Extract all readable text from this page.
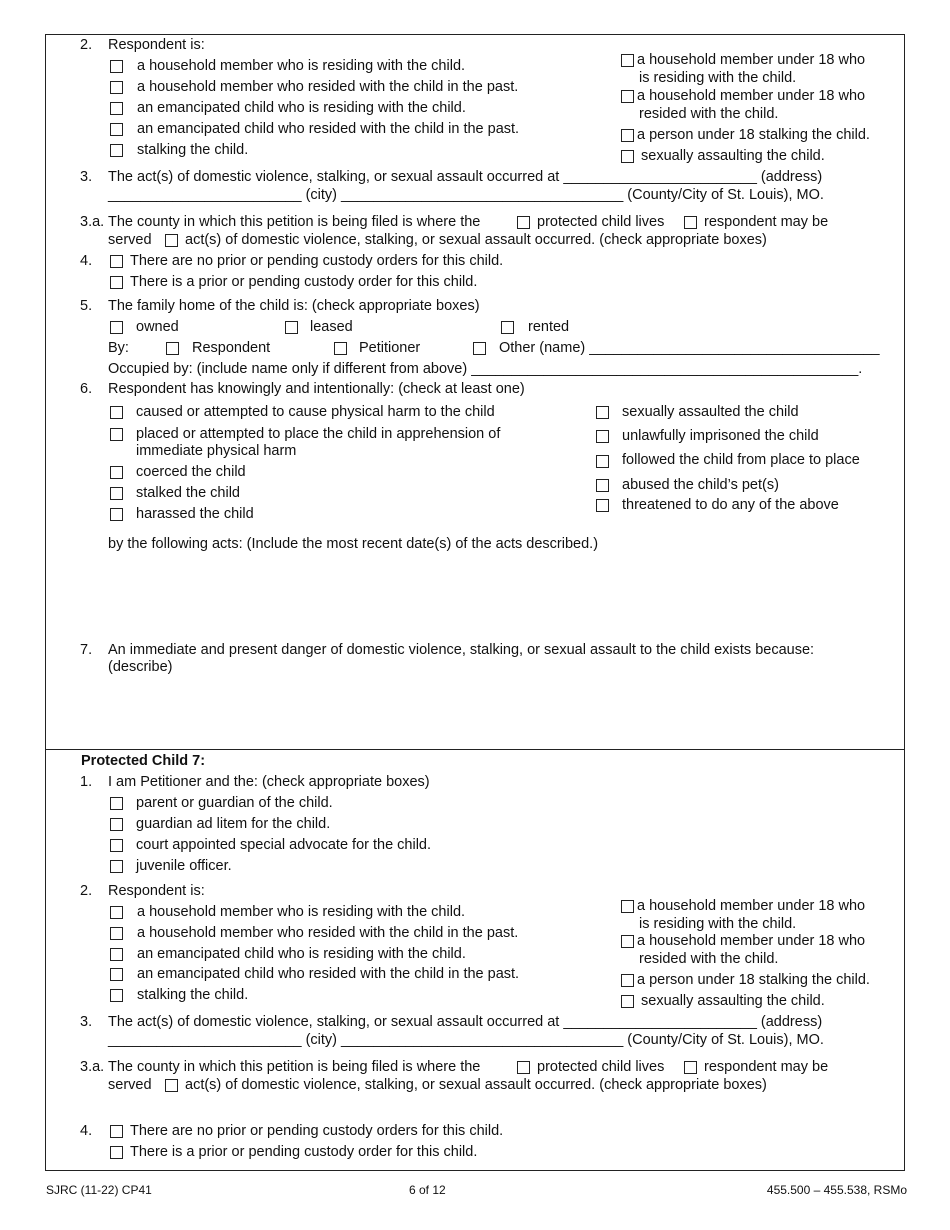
2. Respondent is:
a household member who is residing with the child.
a household member who resided with the child in the past.
an emancipated child who is residing with the child.
an emancipated child who resided with the child in the past.
stalking the child.
a household member under 18 who
is residing with the child.
a household member under 18 who
resided with the child.
a person under 18 stalking the child.
sexually assaulting the child.
3. The act(s) of domestic violence, stalking, or sexual assault occurred at ________________________ (address)
________________________ (city) ___________________________________ (County/City of St. Louis), MO.
3.a. The county in which this petition is being filed is where the	protected child lives	respondent may be
served act(s) of domestic violence, stalking, or sexual assault occurred. (check appropriate boxes)
4.	There are no prior or pending custody orders for this child.
There is a prior or pending custody order for this child.
5. The family home of the child is: (check appropriate boxes)
owned	leased	rented
By:	Respondent	Petitioner	Other (name) ____________________________________
Occupied by: (include name only if different from above) ________________________________________________.
6. Respondent has knowingly and intentionally: (check at least one)
caused or attempted to cause physical harm to the child
placed or attempted to place the child in apprehension of
immediate physical harm
coerced the child
stalked the child
harassed the child
sexually assaulted the child
unlawfully imprisoned the child
followed the child from place to place
abused the child’s pet(s)
threatened to do any of the above
by the following acts: (Include the most recent date(s) of the acts described.)
7. An immediate and present danger of domestic violence, stalking, or sexual assault to the child exists because:
(describe)
Protected Child 7:
1. I am Petitioner and the: (check appropriate boxes)
parent or guardian of the child.
guardian ad litem for the child.
court appointed special advocate for the child.
juvenile officer.
2. Respondent is:
a household member who is residing with the child.
a household member who resided with the child in the past.
an emancipated child who is residing with the child.
an emancipated child who resided with the child in the past.
stalking the child.
a household member under 18 who
is residing with the child.
a household member under 18 who
resided with the child.
a person under 18 stalking the child.
sexually assaulting the child.
3. The act(s) of domestic violence, stalking, or sexual assault occurred at ________________________ (address)
________________________ (city) ___________________________________ (County/City of St. Louis), MO.
3.a. The county in which this petition is being filed is where the	protected child lives	respondent may be
served act(s) of domestic violence, stalking, or sexual assault occurred. (check appropriate boxes)
4.	There are no prior or pending custody orders for this child.
There is a prior or pending custody order for this child.
SJRC (11-22) CP41	6 of 12	455.500 – 455.538, RSMo
